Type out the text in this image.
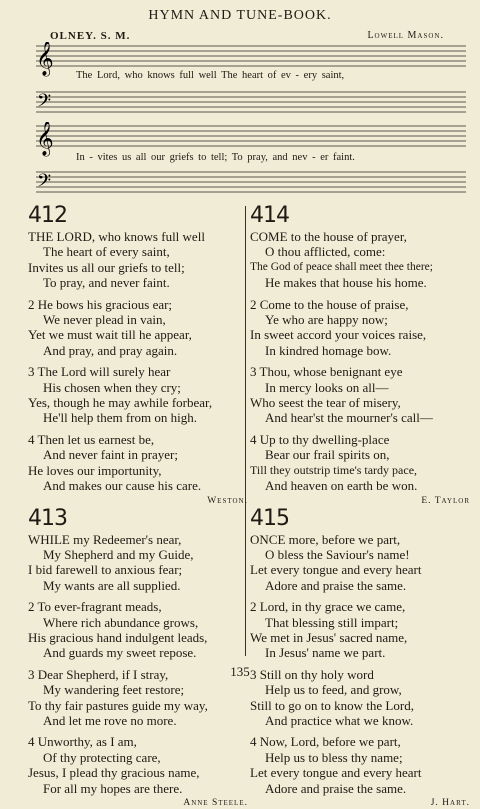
HYMN AND TUNE-BOOK.
OLNEY. S. M.	Lowell Mason.
𝄞
𝄢
The Lord, who knows full well The heart of ev - ery saint,
𝄞
𝄢
In - vites us all our griefs to tell; To pray, and nev - er faint.
412
THE LORD, who knows full well
The heart of every saint,
Invites us all our griefs to tell;
To pray, and never faint.
2 He bows his gracious ear;
We never plead in vain,
Yet we must wait till he appear,
And pray, and pray again.
3 The Lord will surely hear
His chosen when they cry;
Yes, though he may awhile forbear,
He'll help them from on high.
4 Then let us earnest be,
And never faint in prayer;
He loves our importunity,
And makes our cause his care.
Weston.
413
WHILE my Redeemer's near,
My Shepherd and my Guide,
I bid farewell to anxious fear;
My wants are all supplied.
2 To ever-fragrant meads,
Where rich abundance grows,
His gracious hand indulgent leads,
And guards my sweet repose.
3 Dear Shepherd, if I stray,
My wandering feet restore;
To thy fair pastures guide my way,
And let me rove no more.
4 Unworthy, as I am,
Of thy protecting care,
Jesus, I plead thy gracious name,
For all my hopes are there.
Anne Steele.
414
COME to the house of prayer,
O thou afflicted, come:
The God of peace shall meet thee there;
He makes that house his home.
2 Come to the house of praise,
Ye who are happy now;
In sweet accord your voices raise,
In kindred homage bow.
3 Thou, whose benignant eye
In mercy looks on all—
Who seest the tear of misery,
And hear'st the mourner's call—
4 Up to thy dwelling-place
Bear our frail spirits on,
Till they outstrip time's tardy pace,
And heaven on earth be won.
E. Taylor
415
ONCE more, before we part,
O bless the Saviour's name!
Let every tongue and every heart
Adore and praise the same.
2 Lord, in thy grace we came,
That blessing still impart;
We met in Jesus' sacred name,
In Jesus' name we part.
3 Still on thy holy word
Help us to feed, and grow,
Still to go on to know the Lord,
And practice what we know.
4 Now, Lord, before we part,
Help us to bless thy name;
Let every tongue and every heart
Adore and praise the same.
J. Hart.
135
